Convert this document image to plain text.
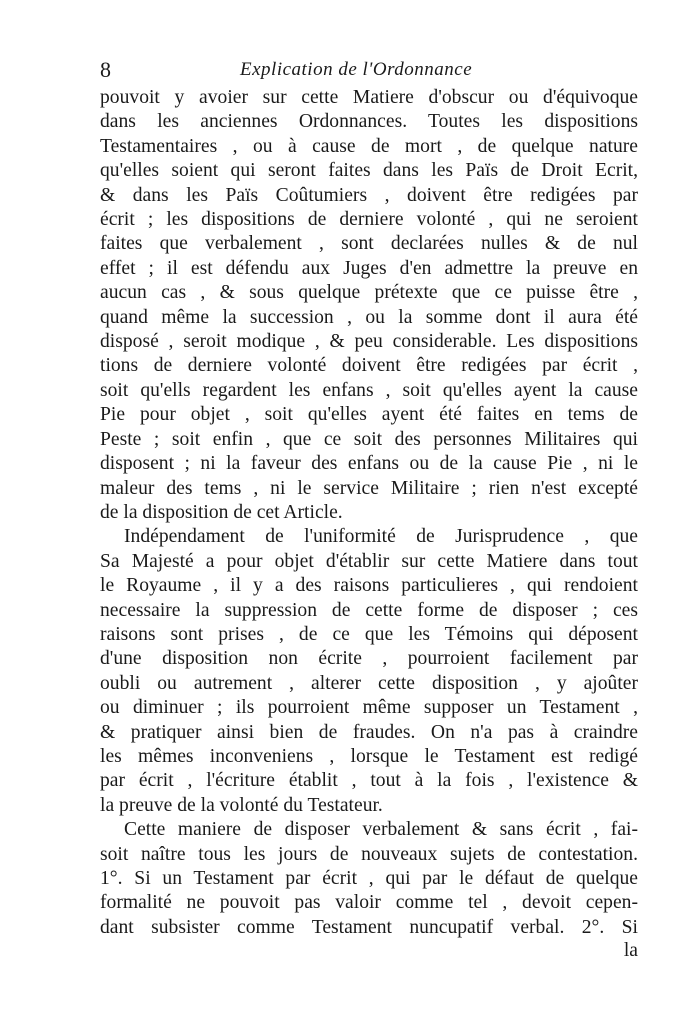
8	Explication de l'Ordonnance

pouvoit y avoier sur cette Matiere d'obscur ou d'équivoque
dans les anciennes Ordonnances. Toutes les dispositions
Testamentaires , ou à cause de mort , de quelque nature
qu'elles soient qui seront faites dans les Païs de Droit Ecrit,
& dans les Païs Coûtumiers , doivent être redigées par
écrit ; les dispositions de derniere volonté , qui ne seroient
faites que verbalement , sont declarées nulles & de nul
effet ; il est défendu aux Juges d'en admettre la preuve en
aucun cas , & sous quelque prétexte que ce puisse être ,
quand même la succession , ou la somme dont il aura été
disposé , seroit modique , & peu considerable. Les dispositions
tions de derniere volonté doivent être redigées par écrit ,
soit qu'ells regardent les enfans , soit qu'elles ayent la cause
Pie pour objet , soit qu'elles ayent été faites en tems de
Peste ; soit enfin , que ce soit des personnes Militaires qui
disposent ; ni la faveur des enfans ou de la cause Pie , ni le
maleur des tems , ni le service Militaire ; rien n'est excepté
de la disposition de cet Article.

Indépendament de l'uniformité de Jurisprudence , que
Sa Majesté a pour objet d'établir sur cette Matiere dans tout
le Royaume , il y a des raisons particulieres , qui rendoient
necessaire la suppression de cette forme de disposer ; ces
raisons sont prises , de ce que les Témoins qui déposent
d'une disposition non écrite , pourroient facilement par
oubli ou autrement , alterer cette disposition , y ajoûter
ou diminuer ; ils pourroient même supposer un Testament ,
& pratiquer ainsi bien de fraudes. On n'a pas à craindre
les mêmes inconveniens , lorsque le Testament est redigé
par écrit , l'écriture établit , tout à la fois , l'existence &
la preuve de la volonté du Testateur.

Cette maniere de disposer verbalement & sans écrit , fai-
soit naître tous les jours de nouveaux sujets de contestation.
1°. Si un Testament par écrit , qui par le défaut de quelque
formalité ne pouvoit pas valoir comme tel , devoit cepen-
dant subsister comme Testament nuncupatif verbal. 2°. Si

la
